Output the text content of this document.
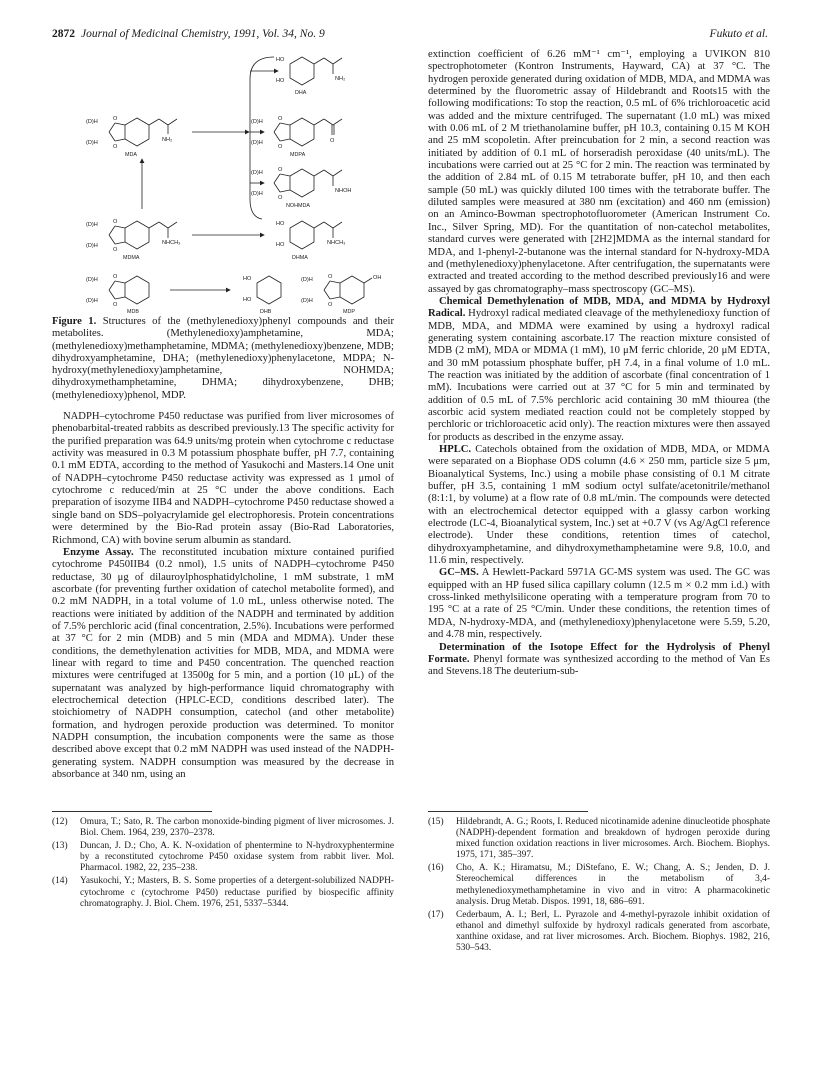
2872 Journal of Medicinal Chemistry, 1991, Vol. 34, No. 9	Fukuto et al.
HO
HO	NH₂
DHA
(D)H
(D)H
O
O
NH₂
MDA
(D)H
(D)H
O
O
O
MDPA
(D)H
(D)H
O
O
NHOH
NOHMDA
(D)H
(D)H
O
O
NHCH₃
MDMA
HO
HO	NHCH₃
DHMA
(D)H
(D)H
O
O
MDB
HO
HO
DHB
(D)H
(D)H
O
O
OH
MDP
Figure 1. Structures of the (methylenedioxy)phenyl compounds and their metabolites. (Methylenedioxy)amphetamine, MDA; (methylenedioxy)methamphetamine, MDMA; (methylenedioxy)benzene, MDB; dihydroxyamphetamine, DHA; (methylenedioxy)phenylacetone, MDPA; N-hydroxy(methylenedioxy)amphetamine, NOHMDA; dihydroxymethamphetamine, DHMA; dihydroxybenzene, DHB; (methylenedioxy)phenol, MDP.

NADPH–cytochrome P450 reductase was purified from liver microsomes of phenobarbital-treated rabbits as described previously.13 The specific activity for the purified preparation was 64.9 units/mg protein when cytochrome c reductase activity was measured in 0.3 M potassium phosphate buffer, pH 7.7, containing 0.1 mM EDTA, according to the method of Yasukochi and Masters.14 One unit of NADPH–cytochrome P450 reductase activity was expressed as 1 μmol of cytochrome c reduced/min at 25 °C under the above conditions. Each preparation of isozyme IIB4 and NADPH–cytochrome P450 reductase showed a single band on SDS–polyacrylamide gel electrophoresis. Protein concentrations were determined by the Bio-Rad protein assay (Bio-Rad Laboratories, Richmond, CA) with bovine serum albumin as standard.

Enzyme Assay. The reconstituted incubation mixture contained purified cytochrome P450IIB4 (0.2 nmol), 1.5 units of NADPH–cytochrome P450 reductase, 30 μg of dilauroylphosphatidylcholine, 1 mM substrate, 1 mM ascorbate (for preventing further oxidation of catechol metabolite formed), and 0.2 mM NADPH, in a total volume of 1.0 mL, unless otherwise noted. The reactions were initiated by addition of the NADPH and terminated by addition of 7.5% perchloric acid (final concentration, 2.5%). Incubations were performed at 37 °C for 2 min (MDB) and 5 min (MDA and MDMA). Under these conditions, the demethylenation activities for MDB, MDA, and MDMA were linear with regard to time and P450 concentration. The quenched reaction mixtures were centrifuged at 13500g for 5 min, and a portion (10 μL) of the supernatant was analyzed by high-performance liquid chromatography with electrochemical detection (HPLC-ECD, conditions described later). The stoichiometry of NADPH consumption, catechol (and other metabolite) formation, and hydrogen peroxide production was determined. To monitor NADPH consumption, the incubation components were the same as those described above except that 0.2 mM NADPH was used instead of the NADPH-generating system. NADPH consumption was measured by the decrease in absorbance at 340 nm, using an

(12) Omura, T.; Sato, R. The carbon monoxide-binding pigment of liver microsomes. J. Biol. Chem. 1964, 239, 2370–2378.
(13) Duncan, J. D.; Cho, A. K. N-oxidation of phentermine to N-hydroxyphentermine by a reconstituted cytochrome P450 oxidase system from rabbit liver. Mol. Pharmacol. 1982, 22, 235–238.
(14) Yasukochi, Y.; Masters, B. S. Some properties of a detergent-solubilized NADPH-cytochrome c (cytochrome P450) reductase purified by biospecific affinity chromatography. J. Biol. Chem. 1976, 251, 5337–5344.

extinction coefficient of 6.26 mM⁻¹ cm⁻¹, employing a UVIKON 810 spectrophotometer (Kontron Instruments, Hayward, CA) at 37 °C. The hydrogen peroxide generated during oxidation of MDB, MDA, and MDMA was determined by the fluorometric assay of Hildebrandt and Roots15 with the following modifications: To stop the reaction, 0.5 mL of 6% trichloroacetic acid was added and the mixture centrifuged. The supernatant (1.0 mL) was mixed with 0.06 mL of 2 M triethanolamine buffer, pH 10.3, containing 0.15 M KOH and 25 mM scopoletin. After preincubation for 2 min, a second reaction was initiated by addition of 0.1 mL of horseradish peroxidase (40 units/mL). The incubations were carried out at 25 °C for 2 min. The reaction was terminated by the addition of 2.84 mL of 0.15 M tetraborate buffer, pH 10, and then each sample (50 mL) was quickly diluted 100 times with the tetraborate buffer. The diluted samples were measured at 380 nm (excitation) and 460 nm (emission) on an Aminco-Bowman spectrophotofluorometer (American Instrument Co. Inc., Silver Spring, MD). For the quantitation of non-catechol metabolites, standard curves were generated with [2H2]MDMA as the internal standard for MDA, and 1-phenyl-2-butanone was the internal standard for N-hydroxy-MDA and (methylenedioxy)phenylacetone. After centrifugation, the supernatants were extracted and treated according to the method described previously16 and were assayed by gas chromatography–mass spectroscopy (GC–MS).

Chemical Demethylenation of MDB, MDA, and MDMA by Hydroxyl Radical. Hydroxyl radical mediated cleavage of the methylenedioxy function of MDB, MDA, and MDMA were examined by using a hydroxyl radical generating system containing ascorbate.17 The reaction mixture consisted of MDB (2 mM), MDA or MDMA (1 mM), 10 μM ferric chloride, 20 μM EDTA, and 30 mM potassium phosphate buffer, pH 7.4, in a final volume of 1.0 mL. The reaction was initiated by the addition of ascorbate (final concentration of 1 mM). Incubations were carried out at 37 °C for 5 min and terminated by addition of 0.5 mL of 7.5% perchloric acid containing 30 mM thiourea (the ascorbic acid system mediated reaction could not be completely stopped by perchloric or trichloroacetic acid only). The reaction mixtures were then assayed for products as described in the enzyme assay.

HPLC. Catechols obtained from the oxidation of MDB, MDA, or MDMA were separated on a Biophase ODS column (4.6 × 250 mm, particle size 5 μm, Bioanalytical Systems, Inc.) using a mobile phase consisting of 0.1 M citrate buffer, pH 3.5, containing 1 mM sodium octyl sulfate/acetonitrile/methanol (8:1:1, by volume) at a flow rate of 0.8 mL/min. The compounds were detected with an electrochemical detector equipped with a glassy carbon working electrode (LC-4, Bioanalytical system, Inc.) set at +0.7 V (vs Ag/AgCl reference electrode). Under these conditions, retention times of catechol, dihydroxyamphetamine, and dihydroxymethamphetamine were 9.8, 10.0, and 11.6 min, respectively.

GC–MS. A Hewlett-Packard 5971A GC-MS system was used. The GC was equipped with an HP fused silica capillary column (12.5 m × 0.2 mm i.d.) with cross-linked methylsilicone operating with a temperature program from 70 to 195 °C at a rate of 25 °C/min. Under these conditions, the retention times of MDA, N-hydroxy-MDA, and (methylenedioxy)phenylacetone were 5.59, 5.20, and 4.78 min, respectively.

Determination of the Isotope Effect for the Hydrolysis of Phenyl Formate. Phenyl formate was synthesized according to the method of Van Es and Stevens.18 The deuterium-sub-

(15) Hildebrandt, A. G.; Roots, I. Reduced nicotinamide adenine dinucleotide phosphate (NADPH)-dependent formation and breakdown of hydrogen peroxide during mixed function oxidation reactions in liver microsomes. Arch. Biochem. Biophys. 1975, 171, 385–397.
(16) Cho, A. K.; Hiramatsu, M.; DiStefano, E. W.; Chang, A. S.; Jenden, D. J. Stereochemical differences in the metabolism of 3,4-methylenedioxymethamphetamine in vivo and in vitro: A pharmacokinetic analysis. Drug Metab. Dispos. 1991, 18, 686–691.
(17) Cederbaum, A. I.; Berl, L. Pyrazole and 4-methyl-pyrazole inhibit oxidation of ethanol and dimethyl sulfoxide by hydroxyl radicals generated from ascorbate, xanthine oxidase, and rat liver microsomes. Arch. Biochem. Biophys. 1982, 216, 530–543.
